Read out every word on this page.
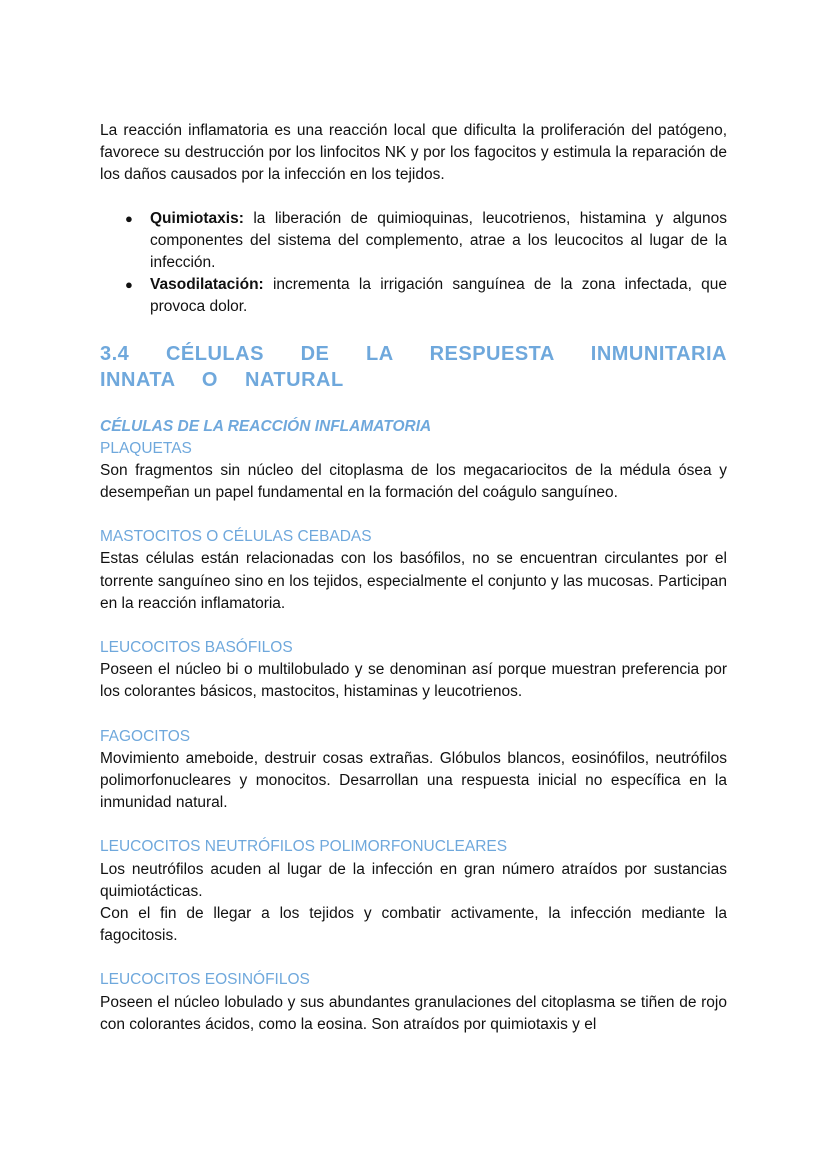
La reacción inflamatoria es una reacción local que dificulta la proliferación del patógeno, favorece su destrucción por los linfocitos NK y por los fagocitos y estimula la reparación de los daños causados por la infección en los tejidos.

● Quimiotaxis: la liberación de quimioquinas, leucotrienos, histamina y algunos componentes del sistema del complemento, atrae a los leucocitos al lugar de la infección.

● Vasodilatación: incrementa la irrigación sanguínea de la zona infectada, que provoca dolor.

3.4 CÉLULAS DE LA RESPUESTA INMUNITARIA INNATA O NATURAL
CÉLULAS DE LA REACCIÓN INFLAMATORIA
PLAQUETAS

Son fragmentos sin núcleo del citoplasma de los megacariocitos de la médula ósea y desempeñan un papel fundamental en la formación del coágulo sanguíneo.

MASTOCITOS O CÉLULAS CEBADAS

Estas células están relacionadas con los basófilos, no se encuentran circulantes por el torrente sanguíneo sino en los tejidos, especialmente el conjunto y las mucosas. Participan en la reacción inflamatoria.

LEUCOCITOS BASÓFILOS

Poseen el núcleo bi o multilobulado y se denominan así porque muestran preferencia por los colorantes básicos, mastocitos, histaminas y leucotrienos.

FAGOCITOS

Movimiento ameboide, destruir cosas extrañas. Glóbulos blancos, eosinófilos, neutrófilos polimorfonucleares y monocitos. Desarrollan una respuesta inicial no específica en la inmunidad natural.

LEUCOCITOS NEUTRÓFILOS POLIMORFONUCLEARES

Los neutrófilos acuden al lugar de la infección en gran número atraídos por sustancias quimiotácticas.

Con el fin de llegar a los tejidos y combatir activamente, la infección mediante la fagocitosis.

LEUCOCITOS EOSINÓFILOS

Poseen el núcleo lobulado y sus abundantes granulaciones del citoplasma se tiñen de rojo con colorantes ácidos, como la eosina. Son atraídos por quimiotaxis y el
